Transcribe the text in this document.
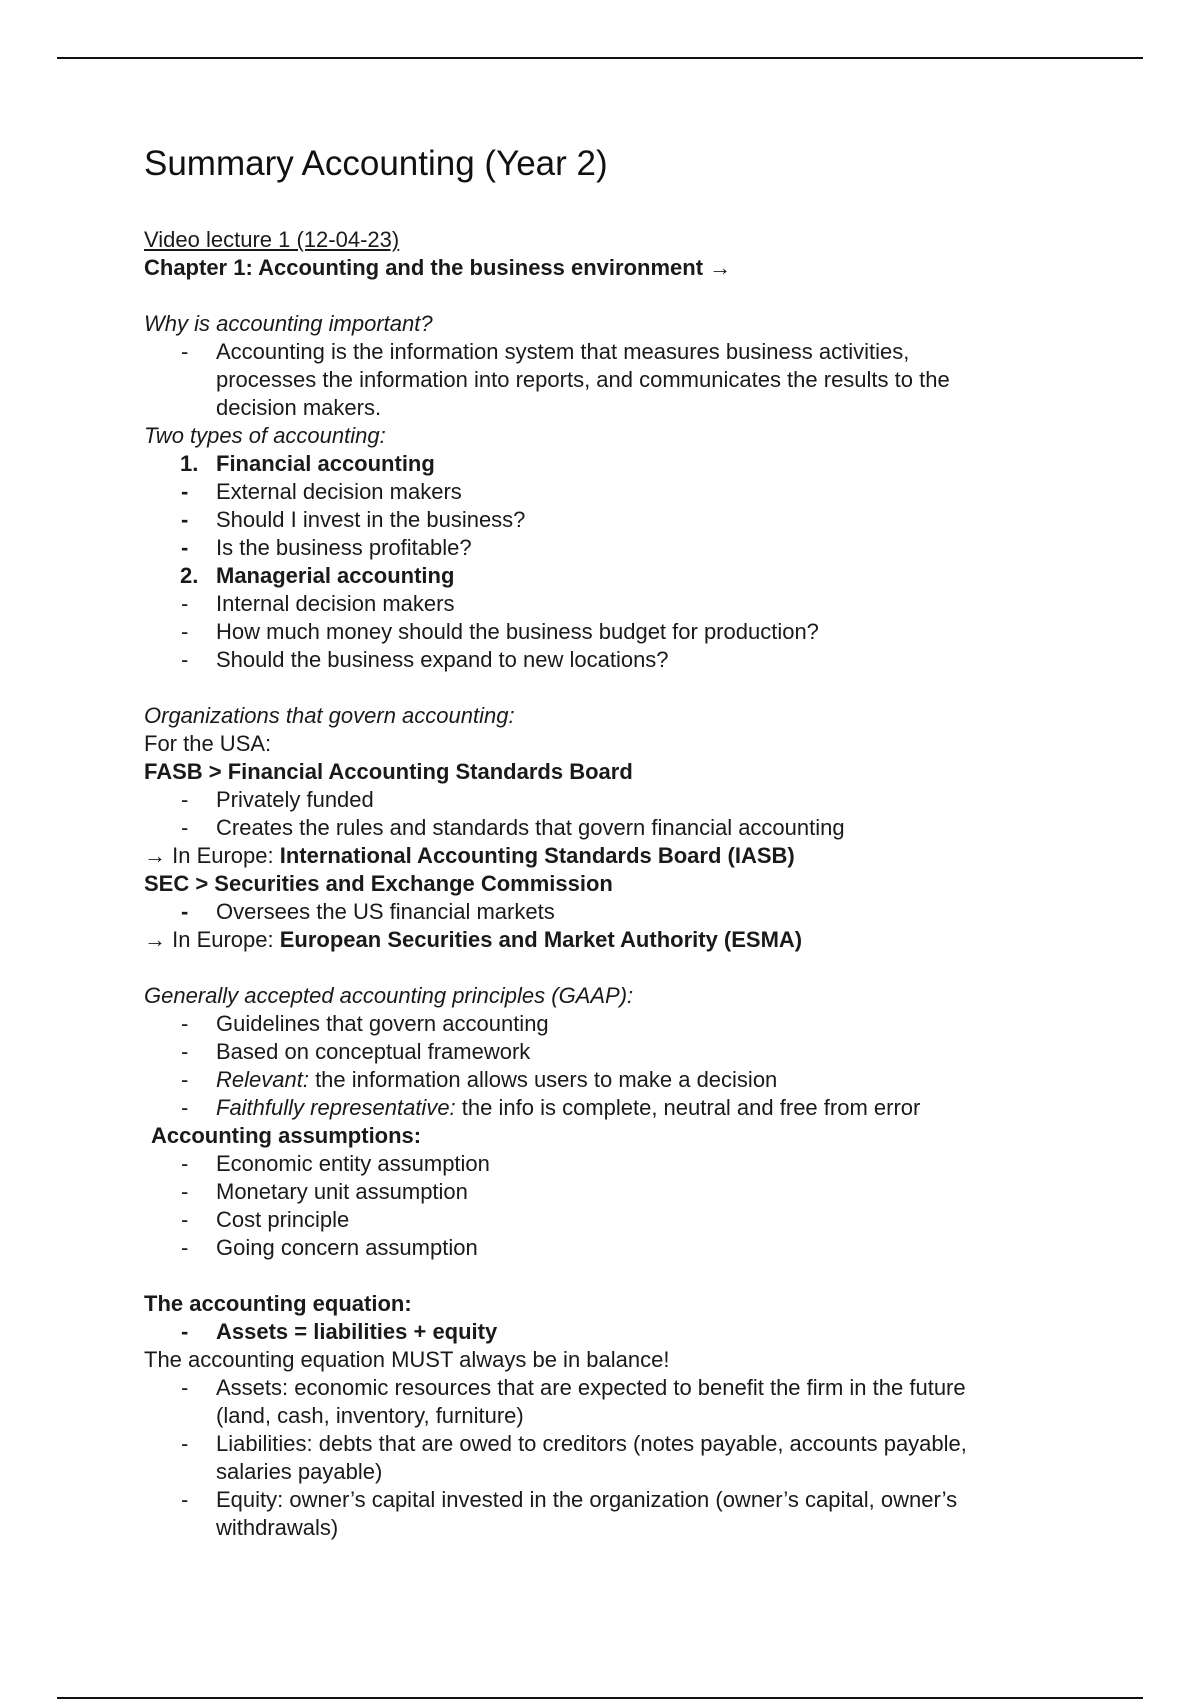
Summary Accounting (Year 2)

Video lecture 1 (12-04-23)

Chapter 1: Accounting and the business environment →

Why is accounting important?

- Accounting is the information system that measures business activities, processes the information into reports, and communicates the results to the decision makers.

Two types of accounting:

1. Financial accounting
- External decision makers
- Should I invest in the business?
- Is the business profitable?
2. Managerial accounting
- Internal decision makers
- How much money should the business budget for production?
- Should the business expand to new locations?

Organizations that govern accounting:

For the USA:

FASB > Financial Accounting Standards Board

- Privately funded
- Creates the rules and standards that govern financial accounting

→ In Europe: International Accounting Standards Board (IASB)

SEC > Securities and Exchange Commission

- Oversees the US financial markets

→ In Europe: European Securities and Market Authority (ESMA)

Generally accepted accounting principles (GAAP):

- Guidelines that govern accounting
- Based on conceptual framework
- Relevant: the information allows users to make a decision
- Faithfully representative: the info is complete, neutral and free from error

Accounting assumptions:

- Economic entity assumption
- Monetary unit assumption
- Cost principle
- Going concern assumption

The accounting equation:

- Assets = liabilities + equity

The accounting equation MUST always be in balance!

- Assets: economic resources that are expected to benefit the firm in the future (land, cash, inventory, furniture)
- Liabilities: debts that are owed to creditors (notes payable, accounts payable, salaries payable)
- Equity: owner’s capital invested in the organization (owner’s capital, owner’s withdrawals)
